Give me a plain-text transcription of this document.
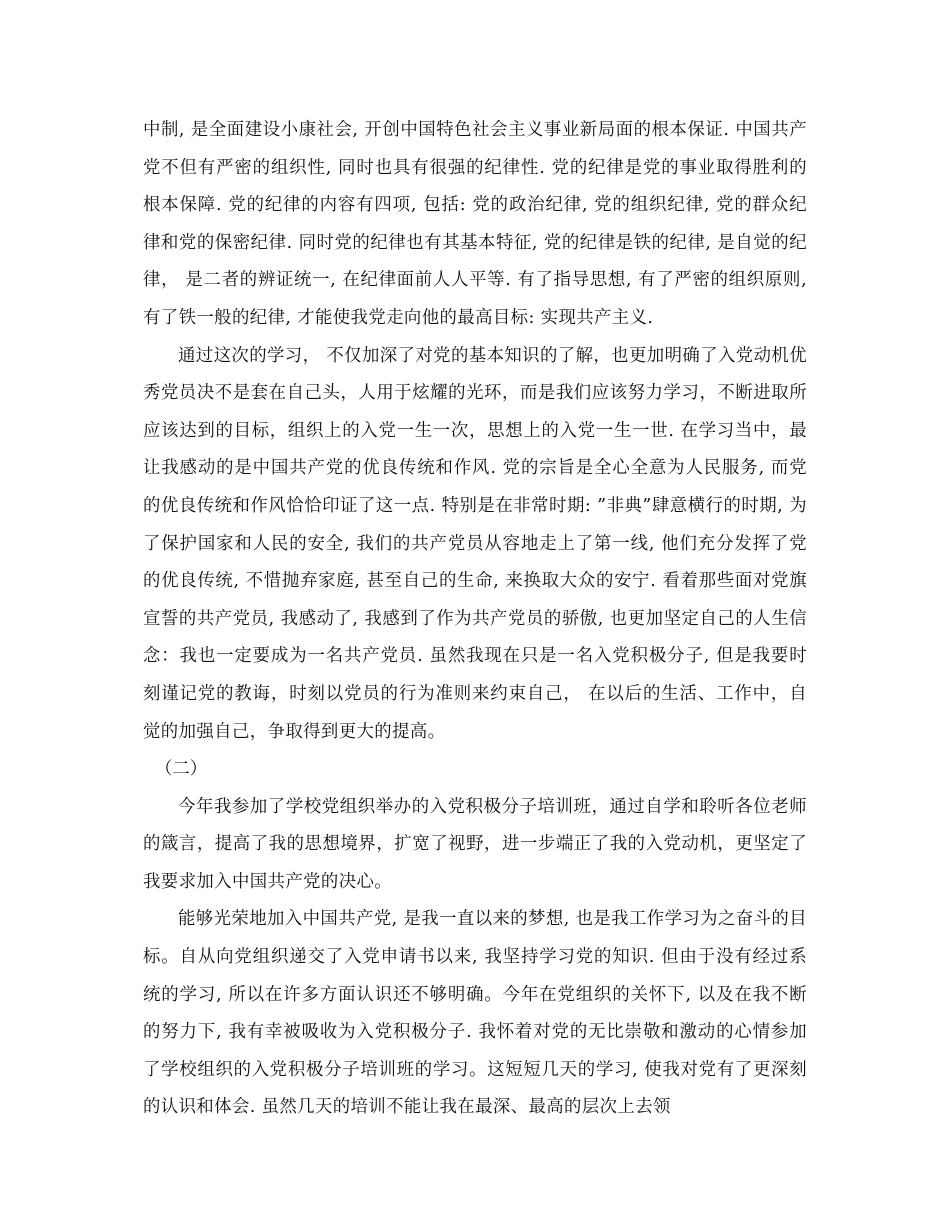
中制, 是全面建设小康社会, 开创中国特色社会主义事业新局面的根本保证. 中国共产党不但有严密的组织性, 同时也具有很强的纪律性. 党的纪律是党的事业取得胜利的根本保障. 党的纪律的内容有四项, 包括: 党的政治纪律, 党的组织纪律, 党的群众纪律和党的保密纪律. 同时党的纪律也有其基本特征, 党的纪律是铁的纪律, 是自觉的纪律， 是二者的辨证统一, 在纪律面前人人平等. 有了指导思想, 有了严密的组织原则, 有了铁一般的纪律, 才能使我党走向他的最高目标: 实现共产主义.

通过这次的学习， 不仅加深了对党的基本知识的了解，也更加明确了入党动机优秀党员决不是套在自己头，人用于炫耀的光环，而是我们应该努力学习，不断进取所应该达到的目标，组织上的入党一生一次，思想上的入党一生一世. 在学习当中，最让我感动的是中国共产党的优良传统和作风. 党的宗旨是全心全意为人民服务, 而党的优良传统和作风恰恰印证了这一点. 特别是在非常时期: ”非典”肆意横行的时期, 为了保护国家和人民的安全, 我们的共产党员从容地走上了第一线, 他们充分发挥了党的优良传统, 不惜抛弃家庭, 甚至自己的生命, 来换取大众的安宁. 看着那些面对党旗宣誓的共产党员, 我感动了, 我感到了作为共产党员的骄傲, 也更加坚定自己的人生信念：我也一定要成为一名共产党员. 虽然我现在只是一名入党积极分子, 但是我要时刻谨记党的教诲，时刻以党员的行为准则来约束自己， 在以后的生活、工作中，自觉的加强自己，争取得到更大的提高。

（二）

今年我参加了学校党组织举办的入党积极分子培训班，通过自学和聆听各位老师的箴言，提高了我的思想境界，扩宽了视野，进一步端正了我的入党动机，更坚定了我要求加入中国共产党的决心。

能够光荣地加入中国共产党, 是我一直以来的梦想, 也是我工作学习为之奋斗的目标。自从向党组织递交了入党申请书以来, 我坚持学习党的知识. 但由于没有经过系统的学习, 所以在许多方面认识还不够明确。今年在党组织的关怀下, 以及在我不断的努力下, 我有幸被吸收为入党积极分子. 我怀着对党的无比崇敬和激动的心情参加了学校组织的入党积极分子培训班的学习。这短短几天的学习, 使我对党有了更深刻的认识和体会. 虽然几天的培训不能让我在最深、最高的层次上去领
